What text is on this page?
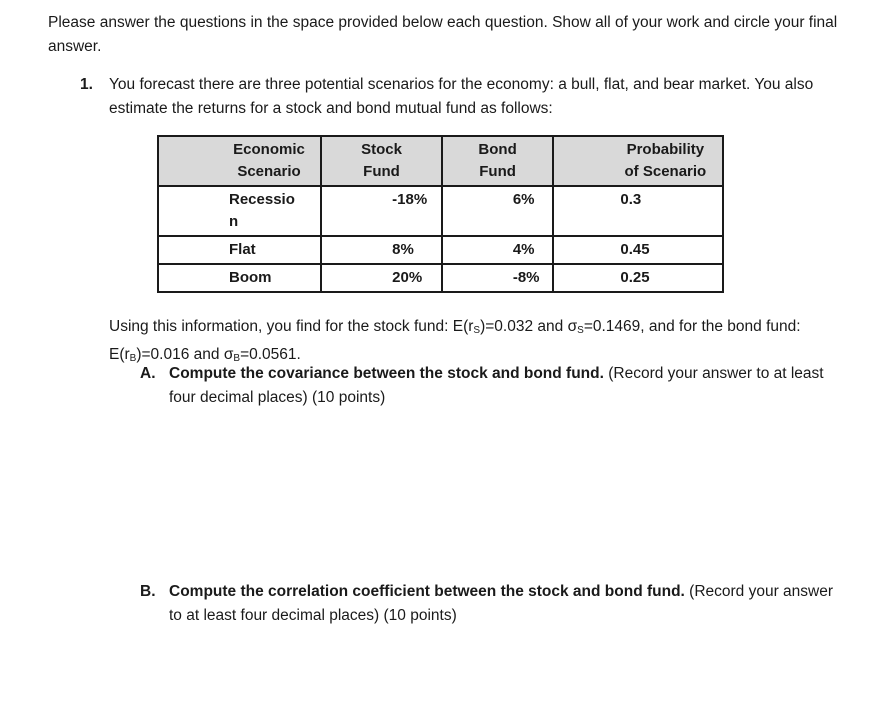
Please answer the questions in the space provided below each question. Show all of your work and circle your final answer.
1. You forecast there are three potential scenarios for the economy: a bull, flat, and bear market. You also estimate the returns for a stock and bond mutual fund as follows:
Economic Scenario	Stock Fund	Bond Fund	Probability of Scenario
Recession	-18%	6%	0.3
Flat	8%	4%	0.45
Boom	20%	-8%	0.25
Using this information, you find for the stock fund: $E(r_S)=0.032$ and $\sigma_S=0.1469$, and for the bond fund: $E(r_B)=0.016$ and $\sigma_B=0.0561$.
A. Compute the covariance between the stock and bond fund. (Record your answer to at least four decimal places) (10 points)
B. Compute the correlation coefficient between the stock and bond fund. (Record your answer to at least four decimal places) (10 points)
